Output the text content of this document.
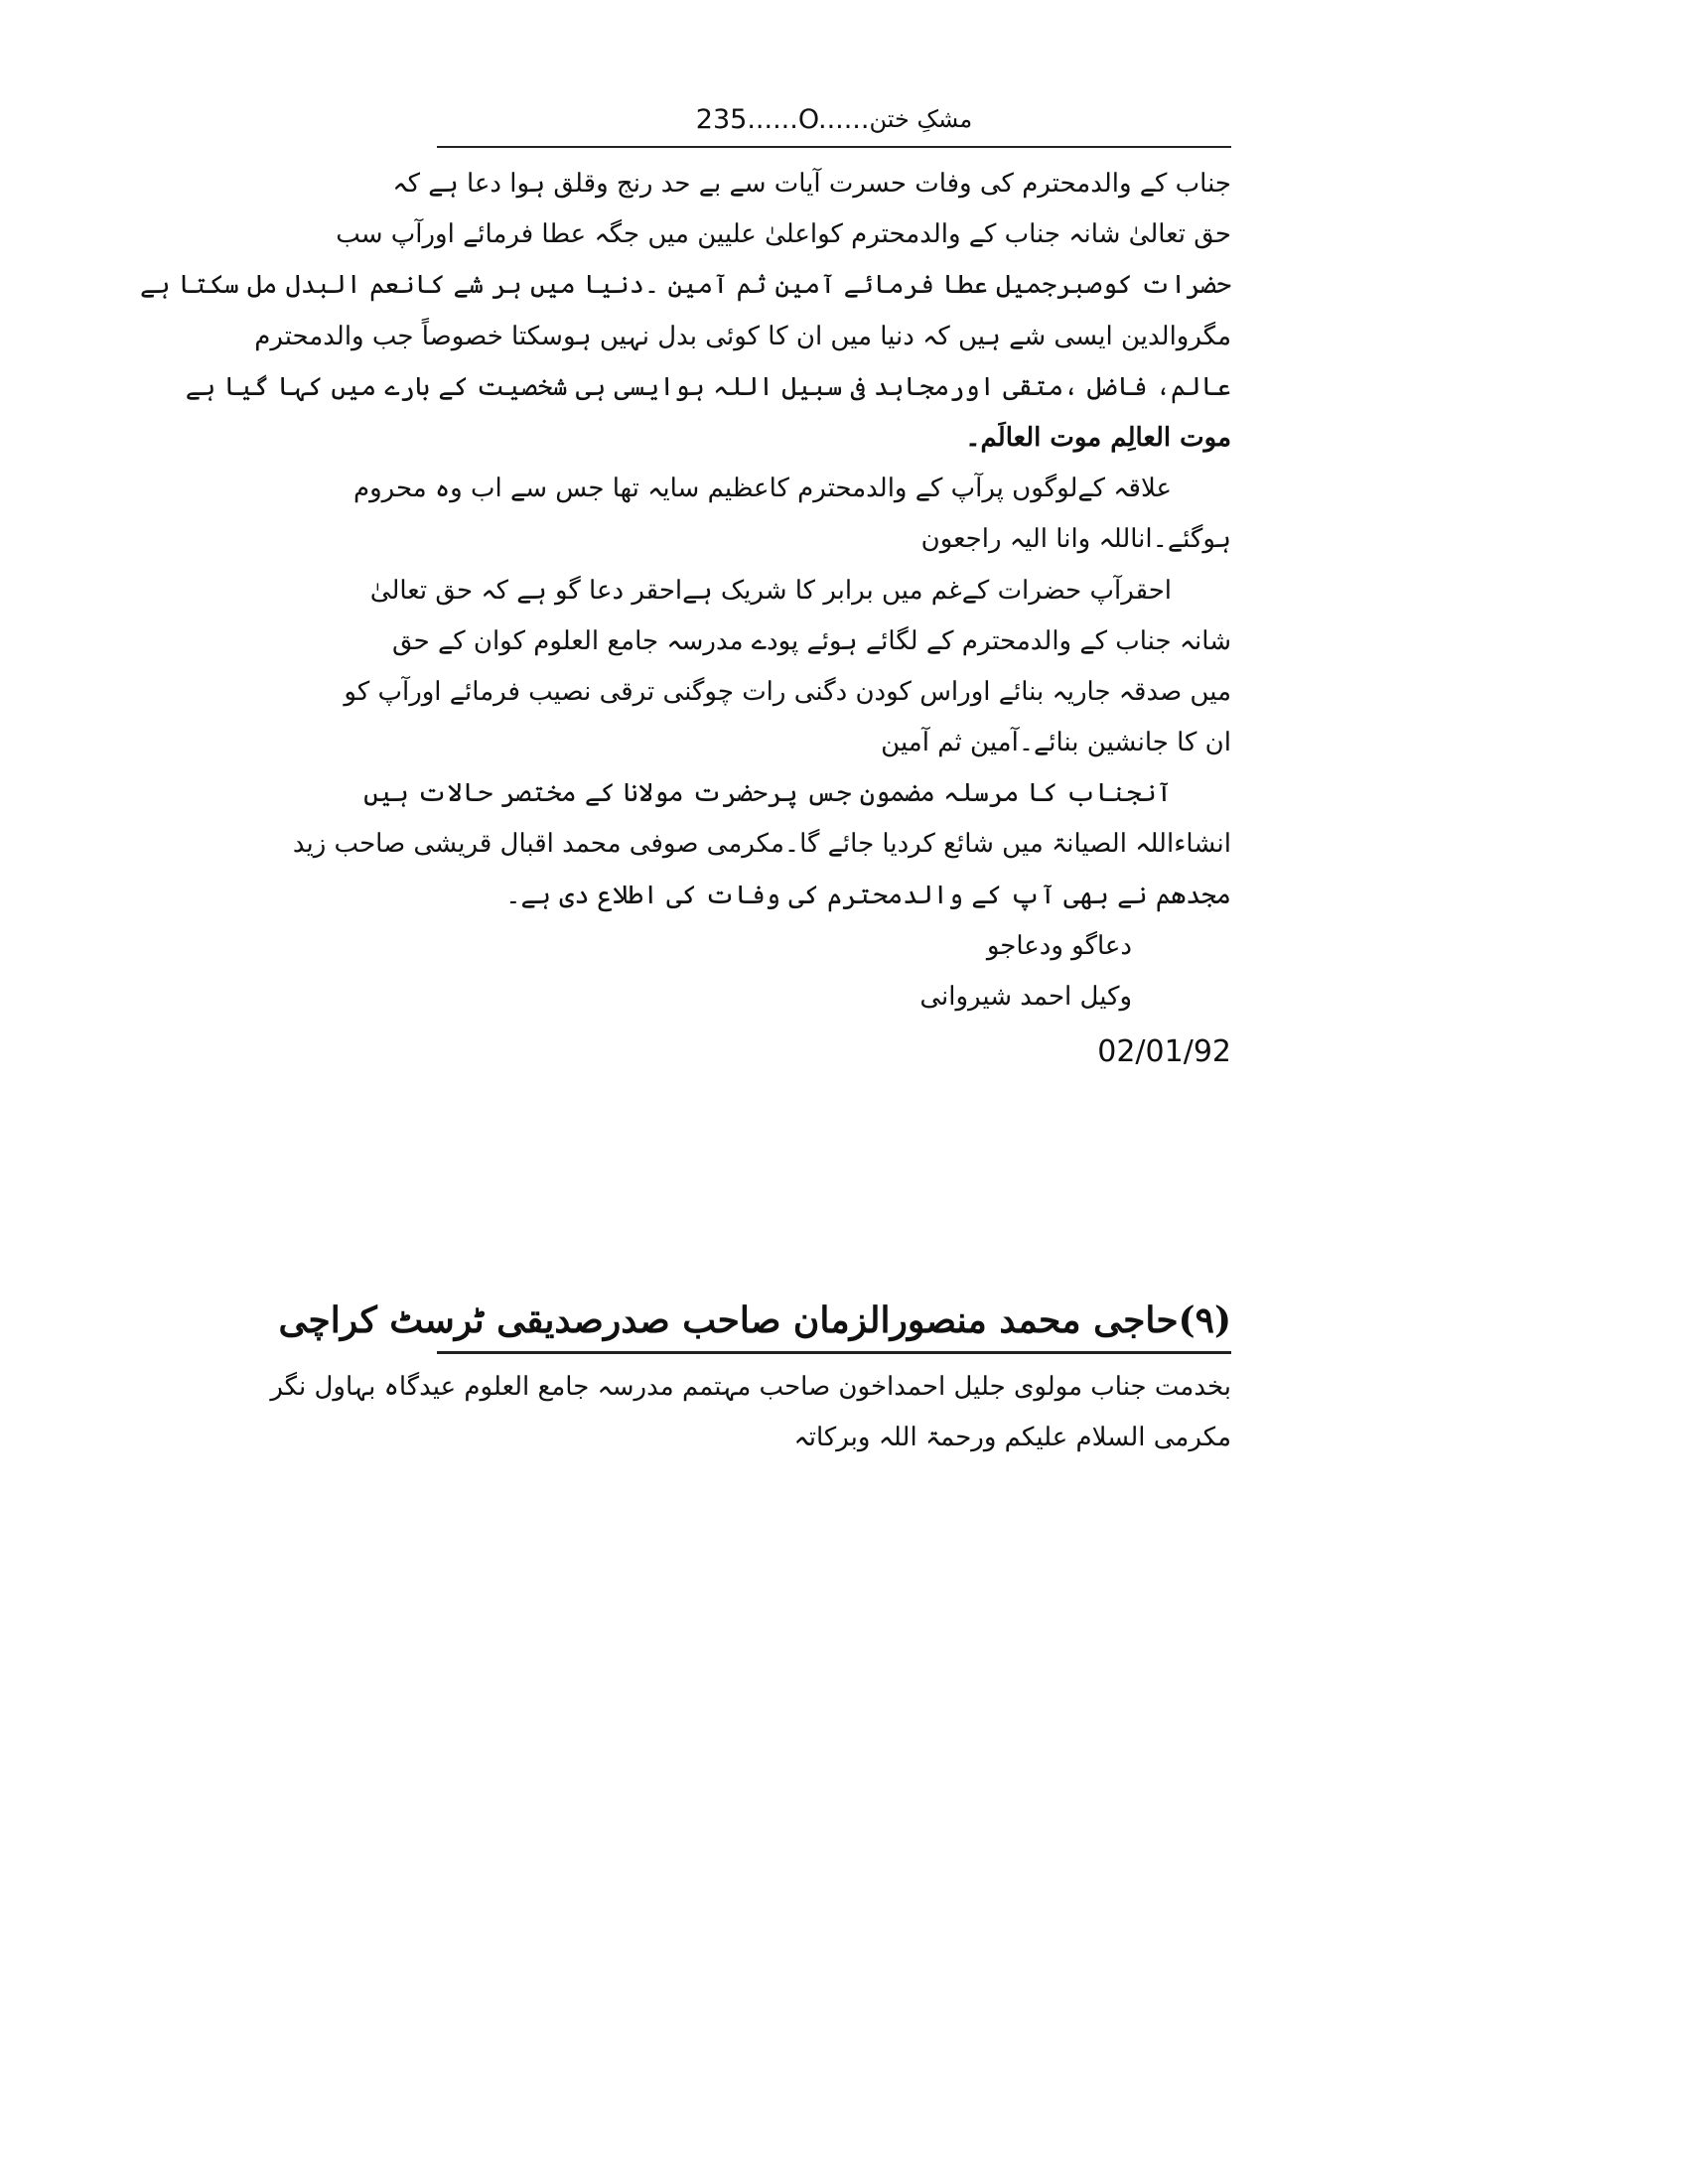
235 ......O...... مشکِ ختن
جناب کے والدمحترم کی وفات حسرت آیات سے بے حد رنج وقلق ہوا دعا ہے کہ
حق تعالیٰ شانہ جناب کے والدمحترم کواعلیٰ علیین میں جگہ عطا فرمائے اورآپ سب
حضرات کوصبرجمیل عطا فرمائے آمین ثم آمین ۔دنیا میں ہر شے کانعم البدل مل سکتا ہے
مگروالدین ایسی شے ہیں کہ دنیا میں ان کا کوئی بدل نہیں ہوسکتا خصوصاً جب والدمحترم
عالم، فاضل ،متقی اورمجاہد فی سبیل اللہ ہوایسی ہی شخصیت کے بارے میں کہا گیا ہے
موت العالِم موت العالَم۔
علاقہ کےلوگوں پرآپ کے والدمحترم کاعظیم سایہ تھا جس سے اب وہ محروم
ہوگئے۔اناللہ وانا الیہ راجعون
احقرآپ حضرات کےغم میں برابر کا شریک ہےاحقر دعا گو ہے کہ حق تعالیٰ
شانہ جناب کے والدمحترم کے لگائے ہوئے پودے مدرسہ جامع العلوم کوان کے حق
میں صدقہ جاریہ بنائے اوراس کودن دگنی رات چوگنی ترقی نصیب فرمائے اورآپ کو
ان کا جانشین بنائے۔آمین ثم آمین
آنجناب کا مرسلہ مضمون جس پرحضرت مولانا کے مختصر حالات ہیں
انشاءاللہ الصیانۃ میں شائع کردیا جائے گا۔مکرمی صوفی محمد اقبال قریشی صاحب زید
مجدھم نے بھی آپ کے والدمحترم کی وفات کی اطلاع دی ہے۔
دعاگو ودعاجو
وکیل احمد شیروانی
02/01/92
(۹)حاجی محمد منصورالزمان صاحب صدرصدیقی ٹرسٹ کراچی
بخدمت جناب مولوی جلیل احمداخون صاحب مہتمم مدرسہ جامع العلوم عیدگاہ بہاول نگر
مکرمی السلام علیکم ورحمۃ اللہ وبرکاتہ
